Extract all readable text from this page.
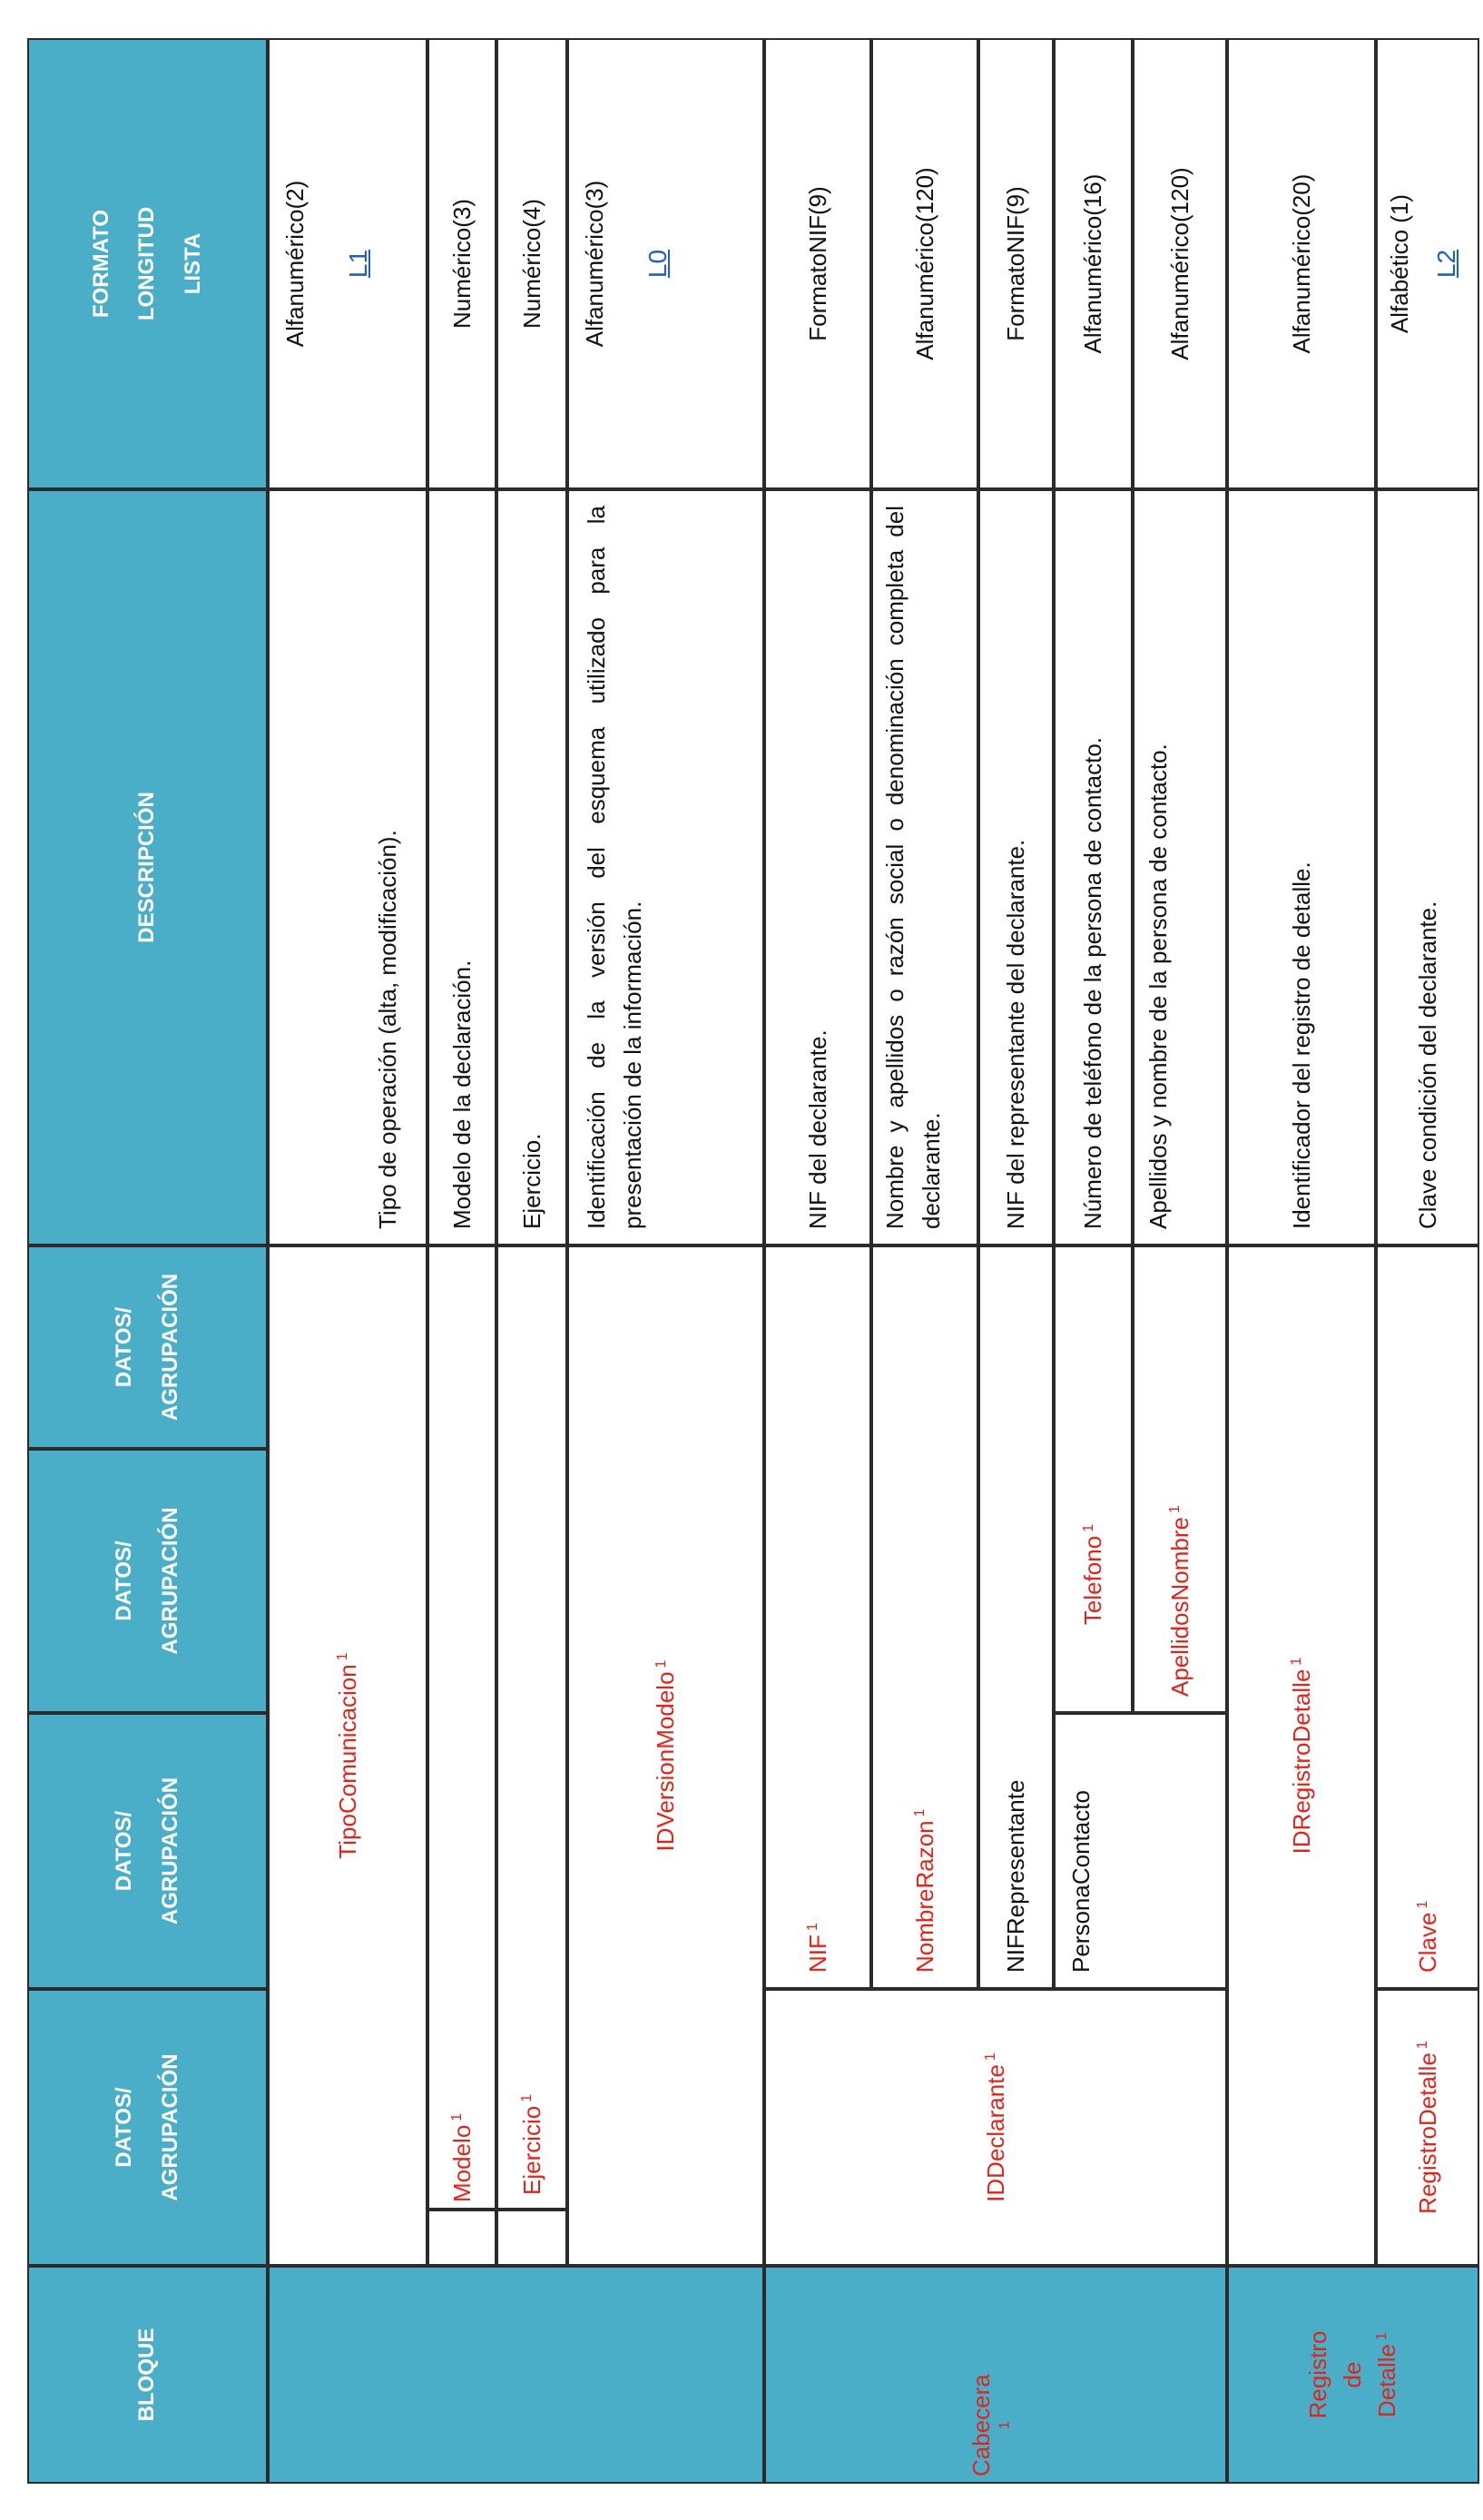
BLOQUE
DATOS/ AGRUPACIÓN
DATOS/ AGRUPACIÓN
DATOS/ AGRUPACIÓN
DATOS/ AGRUPACIÓN
DESCRIPCIÓN
FORMATO LONGITUD LISTA
Cabecera $^1$
Registro de Detalle$^1$
TipoComunicacion$^1$
Tipo de operación (alta, modificación).
Alfanumérico(2) L1
Modelo$^1$
Modelo de la declaración.
Numérico(3)
Ejercicio$^1$
Ejercicio.
Numérico(4)
IDVersionModelo$^1$
Identificación de la versión del esquema utilizado para la presentación de la información.
Alfanumérico(3) L0
IDDeclarante$^1$
NIF$^1$
NIF del declarante.
FormatoNIF(9)
NombreRazon$^1$
Nombre y apellidos o razón social o denominación completa del declarante.
Alfanumérico(120)
NIFRepresentante
NIF del representante del declarante.
FormatoNIF(9)
PersonaContacto
Telefono$^1$
Número de teléfono de la persona de contacto.
Alfanumérico(16)
ApellidosNombre$^1$
Apellidos y nombre de la persona de contacto.
Alfanumérico(120)
IDRegistroDetalle$^1$
Identificador del registro de detalle.
Alfanumérico(20)
RegistroDetalle$^1$
Clave$^1$
Clave condición del declarante.
Alfabético (1) L2
